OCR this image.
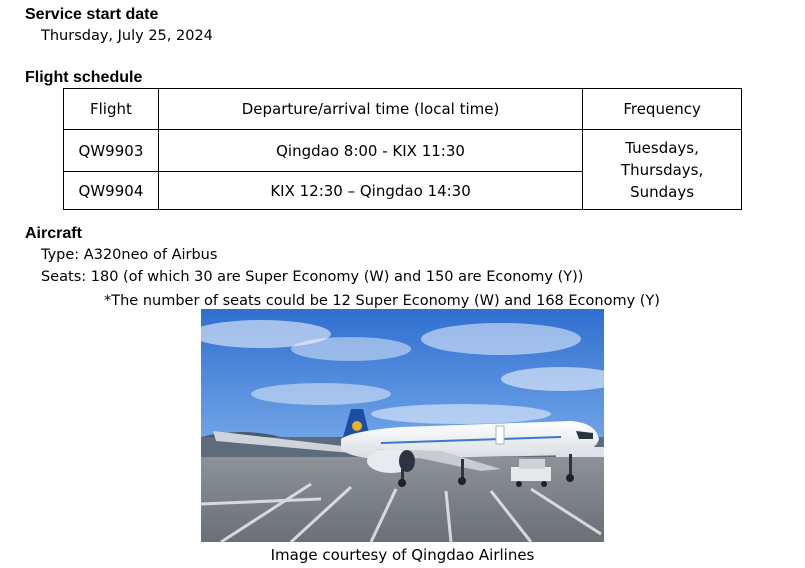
Service start date
Thursday, July 25, 2024
Flight schedule
Flight	Departure/arrival time (local time)	Frequency
QW9903	Qingdao 8:00 - KIX 11:30	Tuesdays,
Thursdays,
Sundays

QW9904	KIX 12:30 – Qingdao 14:30	
Aircraft
Type: A320neo of Airbus
Seats: 180 (of which 30 are Super Economy (W) and 150 are Economy (Y))
*The number of seats could be 12 Super Economy (W) and 168 Economy (Y)
Image courtesy of Qingdao Airlines
